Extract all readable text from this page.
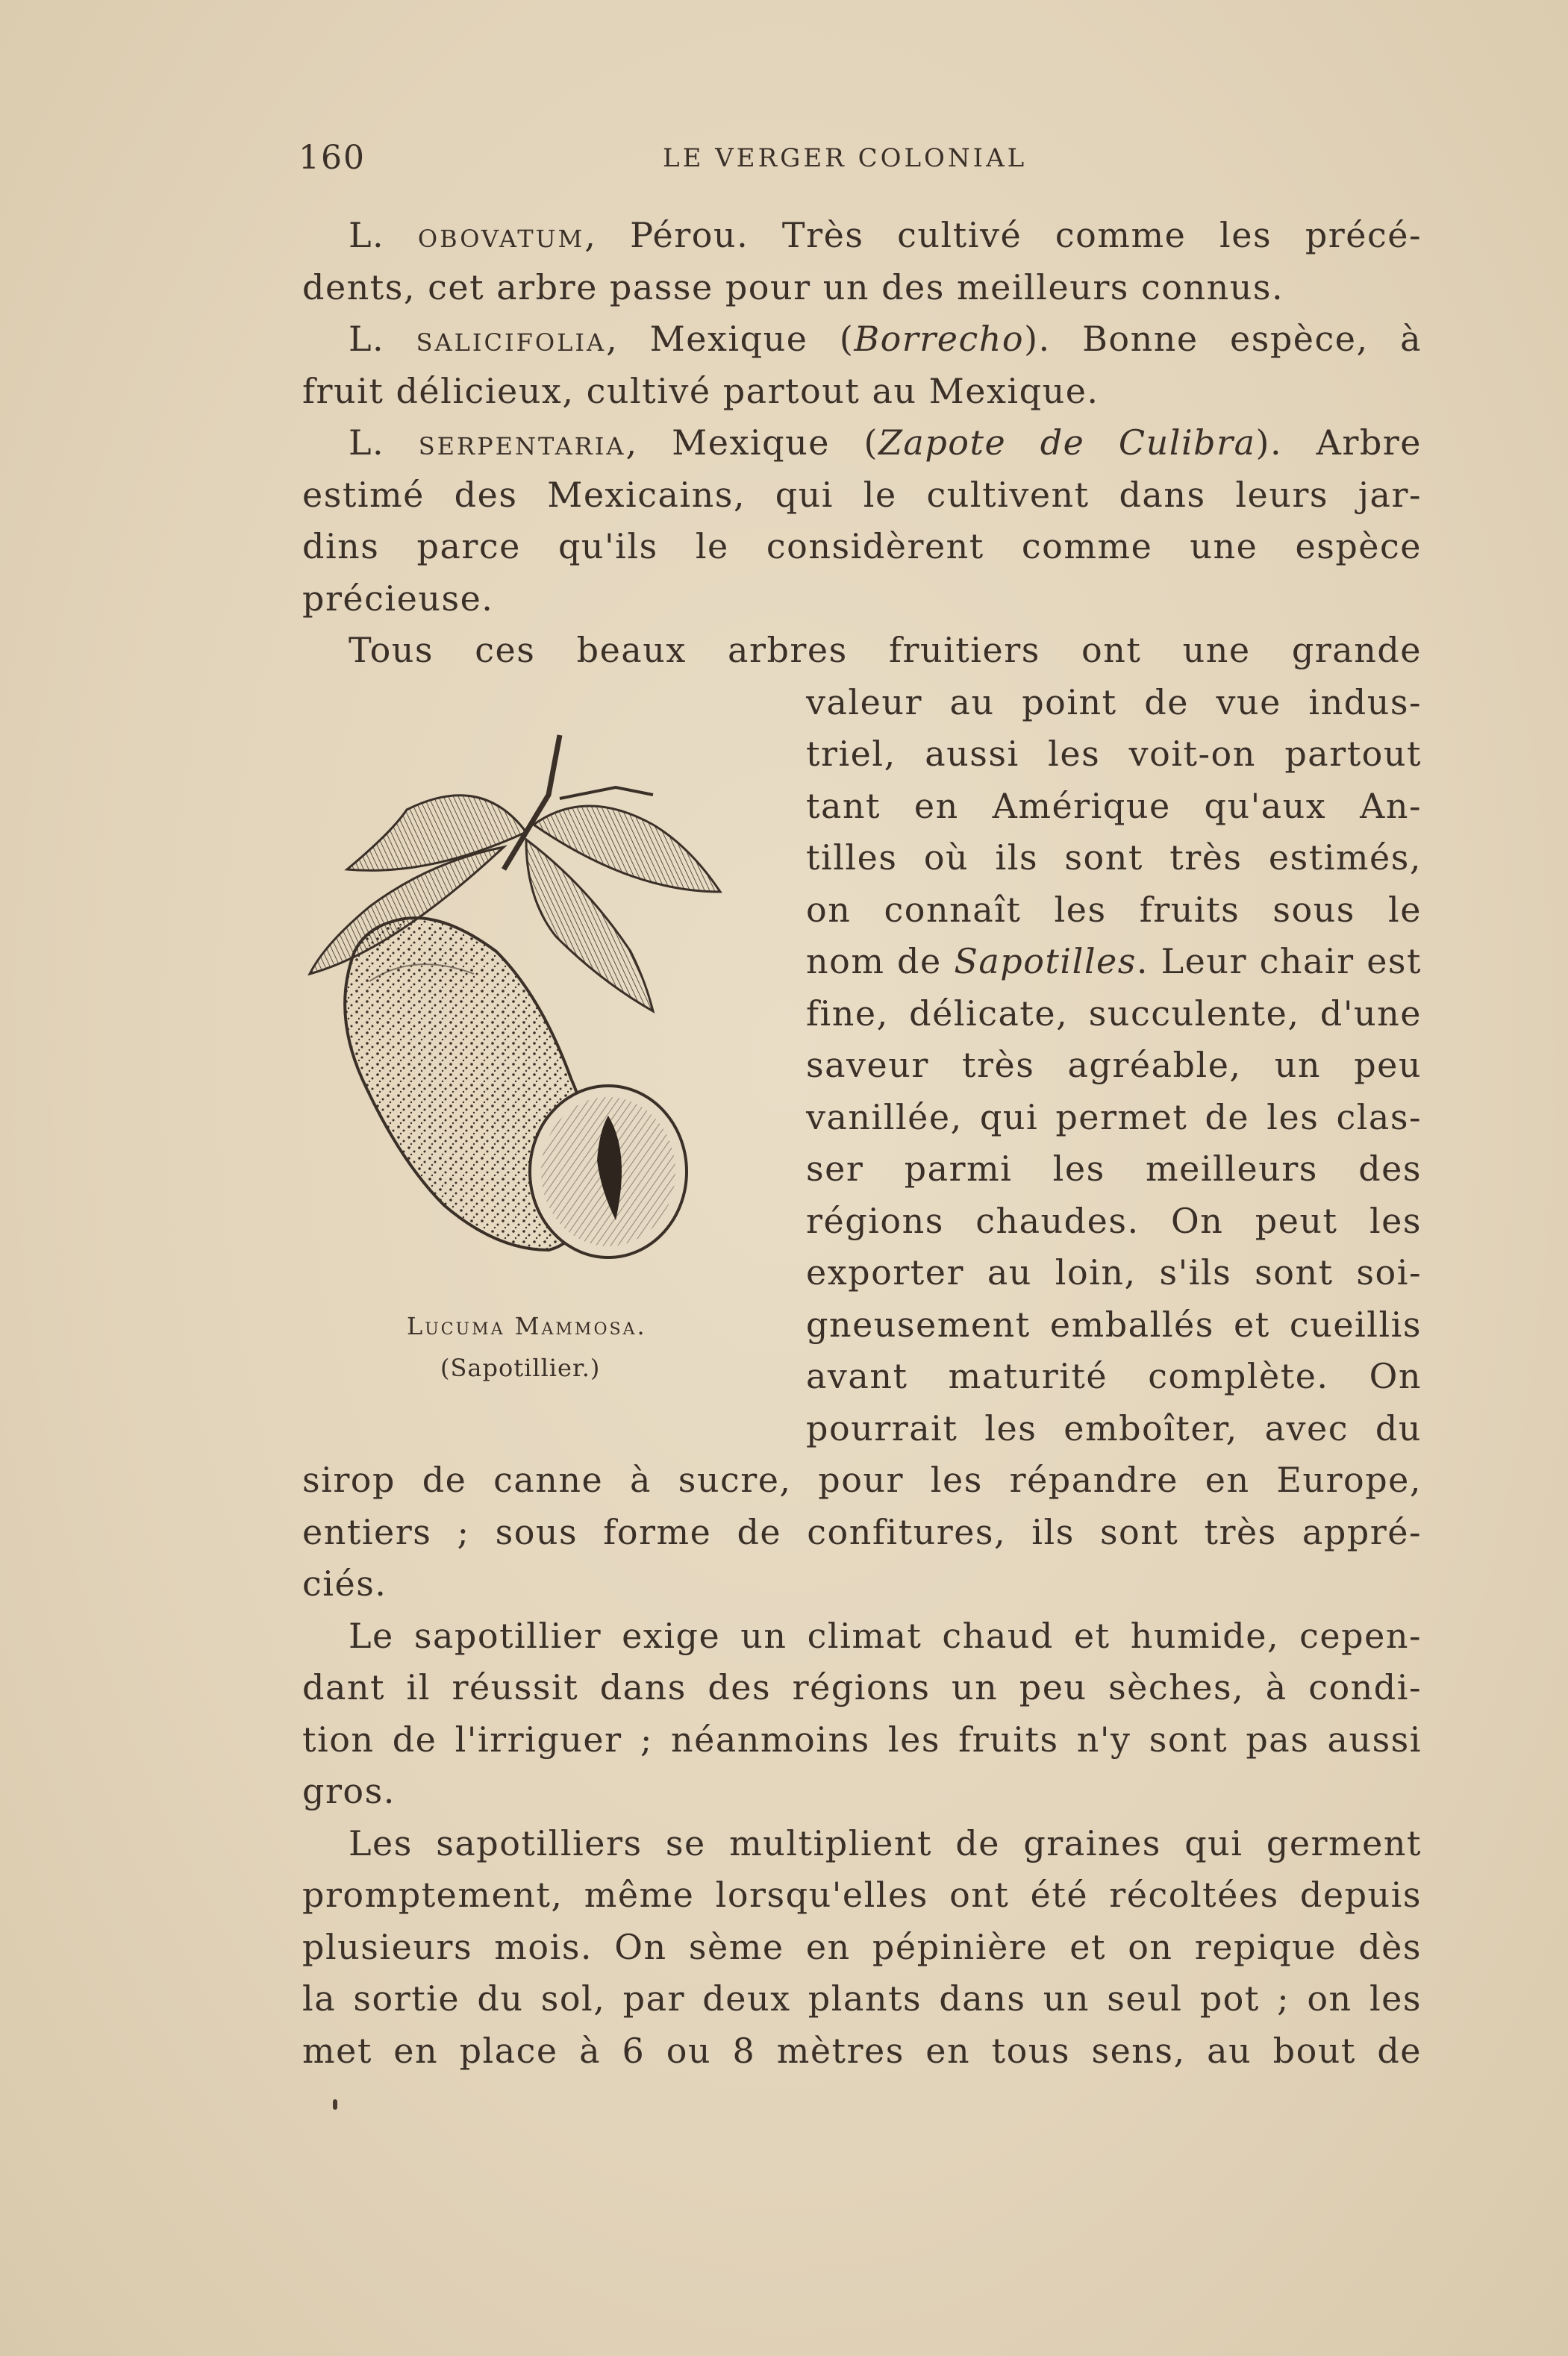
160	LE VERGER COLONIAL
L. obovatum, Pérou. Très cultivé comme les précé-
dents, cet arbre passe pour un des meilleurs connus.
L. salicifolia, Mexique (Borrecho). Bonne espèce, à
fruit délicieux, cultivé partout au Mexique.
L. serpentaria, Mexique (Zapote de Culibra). Arbre
estimé des Mexicains, qui le cultivent dans leurs jar-
dins parce qu'ils le considèrent comme une espèce
précieuse.
Tous ces beaux arbres fruitiers ont une grande
valeur au point de vue indus-
triel, aussi les voit-on partout
tant en Amérique qu'aux An-
tilles où ils sont très estimés,
on connaît les fruits sous le
nom de Sapotilles. Leur chair est
fine, délicate, succulente, d'une
saveur très agréable, un peu
vanillée, qui permet de les clas-
ser parmi les meilleurs des
régions chaudes. On peut les
exporter au loin, s'ils sont soi-
gneusement emballés et cueillis
avant maturité complète. On
pourrait les emboîter, avec du
sirop de canne à sucre, pour les répandre en Europe,
entiers ; sous forme de confitures, ils sont très appré-
ciés.
Le sapotillier exige un climat chaud et humide, cepen-
dant il réussit dans des régions un peu sèches, à condi-
tion de l'irriguer ; néanmoins les fruits n'y sont pas aussi
gros.
Les sapotilliers se multiplient de graines qui germent
promptement, même lorsqu'elles ont été récoltées depuis
plusieurs mois. On sème en pépinière et on repique dès
la sortie du sol, par deux plants dans un seul pot ; on les
met en place à 6 ou 8 mètres en tous sens, au bout de
Lucuma Mammosa.
(Sapotillier.)
